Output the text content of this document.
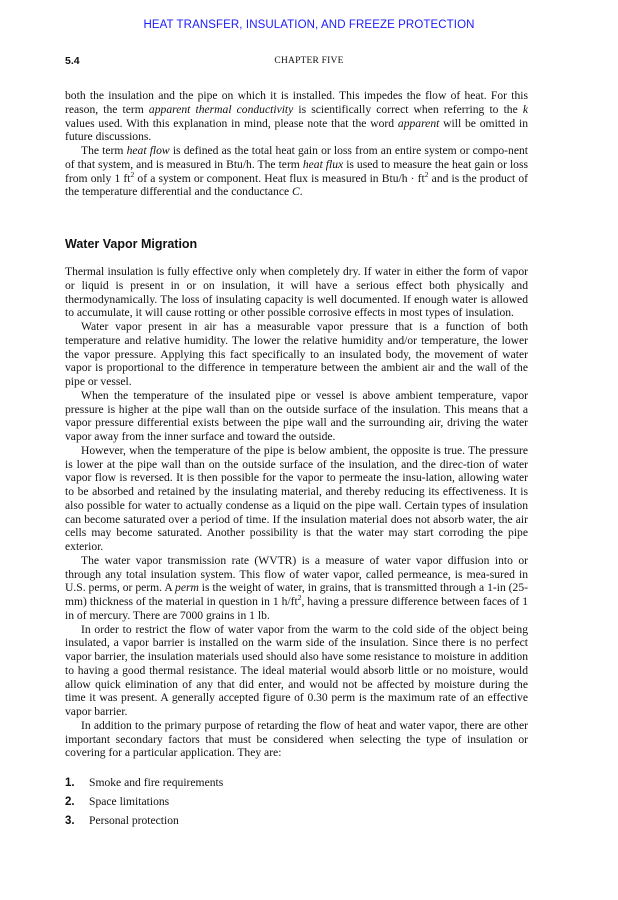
HEAT TRANSFER, INSULATION, AND FREEZE PROTECTION
5.4	CHAPTER FIVE

both the insulation and the pipe on which it is installed. This impedes the flow of heat. For this reason, the term apparent thermal conductivity is scientifically correct when referring to the k values used. With this explanation in mind, please note that the word apparent will be omitted in future discussions.

The term heat flow is defined as the total heat gain or loss from an entire system or compo-nent of that system, and is measured in Btu/h. The term heat flux is used to measure the heat gain or loss from only 1 $ft^2$ of a system or component. Heat flux is measured in $Btu/h \cdot ft^2$ and is the product of the temperature differential and the conductance C.

Water Vapor Migration

Thermal insulation is fully effective only when completely dry. If water in either the form of vapor or liquid is present in or on insulation, it will have a serious effect both physically and thermodynamically. The loss of insulating capacity is well documented. If enough water is allowed to accumulate, it will cause rotting or other possible corrosive effects in most types of insulation.

Water vapor present in air has a measurable vapor pressure that is a function of both temperature and relative humidity. The lower the relative humidity and/or temperature, the lower the vapor pressure. Applying this fact specifically to an insulated body, the movement of water vapor is proportional to the difference in temperature between the ambient air and the wall of the pipe or vessel.

When the temperature of the insulated pipe or vessel is above ambient temperature, vapor pressure is higher at the pipe wall than on the outside surface of the insulation. This means that a vapor pressure differential exists between the pipe wall and the surrounding air, driving the water vapor away from the inner surface and toward the outside.

However, when the temperature of the pipe is below ambient, the opposite is true. The pressure is lower at the pipe wall than on the outside surface of the insulation, and the direc-tion of water vapor flow is reversed. It is then possible for the vapor to permeate the insu-lation, allowing water to be absorbed and retained by the insulating material, and thereby reducing its effectiveness. It is also possible for water to actually condense as a liquid on the pipe wall. Certain types of insulation can become saturated over a period of time. If the insulation material does not absorb water, the air cells may become saturated. Another possibility is that the water may start corroding the pipe exterior.

The water vapor transmission rate (WVTR) is a measure of water vapor diffusion into or through any total insulation system. This flow of water vapor, called permeance, is mea-sured in U.S. perms, or perm. A perm is the weight of water, in grains, that is transmitted through a 1-in (25-mm) thickness of the material in question in 1 $h/ft^2$, having a pressure difference between faces of 1 in of mercury. There are 7000 grains in 1 lb.

In order to restrict the flow of water vapor from the warm to the cold side of the object being insulated, a vapor barrier is installed on the warm side of the insulation. Since there is no perfect vapor barrier, the insulation materials used should also have some resistance to moisture in addition to having a good thermal resistance. The ideal material would absorb little or no moisture, would allow quick elimination of any that did enter, and would not be affected by moisture during the time it was present. A generally accepted figure of 0.30 perm is the maximum rate of an effective vapor barrier.

In addition to the primary purpose of retarding the flow of heat and water vapor, there are other important secondary factors that must be considered when selecting the type of insulation or covering for a particular application. They are:

1.	Smoke and fire requirements
2.	Space limitations
3.	Personal protection
